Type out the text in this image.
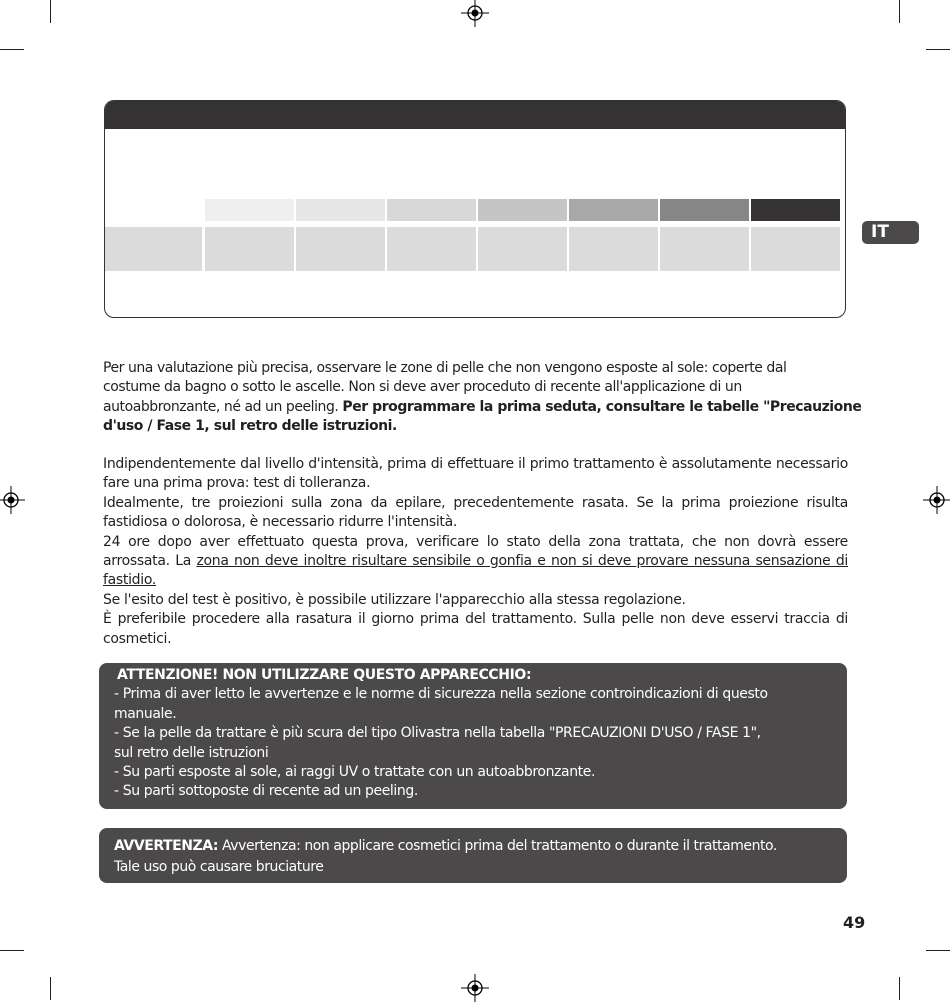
IT

Per una valutazione più precisa, osservare le zone di pelle che non vengono esposte al sole: coperte dal

costume da bagno o sotto le ascelle. Non si deve aver proceduto di recente all'applicazione di un

autoabbronzante, né ad un peeling. Per programmare la prima seduta, consultare le tabelle "Precauzione

d'uso / Fase 1, sul retro delle istruzioni.

Indipendentemente dal livello d'intensità, prima di effettuare il primo trattamento è assolutamente necessario fare una prima prova: test di tolleranza.

Idealmente, tre proiezioni sulla zona da epilare, precedentemente rasata. Se la prima proiezione risulta fastidiosa o dolorosa, è necessario ridurre l'intensità.

24 ore dopo aver effettuato questa prova, verificare lo stato della zona trattata, che non dovrà essere arrossata. La zona non deve inoltre risultare sensibile o gonfia e non si deve provare nessuna sensazione di fastidio.

Se l'esito del test è positivo, è possibile utilizzare l'apparecchio alla stessa regolazione.

È preferibile procedere alla rasatura il giorno prima del trattamento. Sulla pelle non deve esservi traccia di cosmetici.

ATTENZIONE! NON UTILIZZARE QUESTO APPARECCHIO:

- Prima di aver letto le avvertenze e le norme di sicurezza nella sezione controindicazioni di questo

manuale.

- Se la pelle da trattare è più scura del tipo Olivastra nella tabella "PRECAUZIONI D'USO / FASE 1",

sul retro delle istruzioni

- Su parti esposte al sole, ai raggi UV o trattate con un autoabbronzante.

- Su parti sottoposte di recente ad un peeling.

AVVERTENZA: Avvertenza: non applicare cosmetici prima del trattamento o durante il trattamento.

Tale uso può causare bruciature

49
